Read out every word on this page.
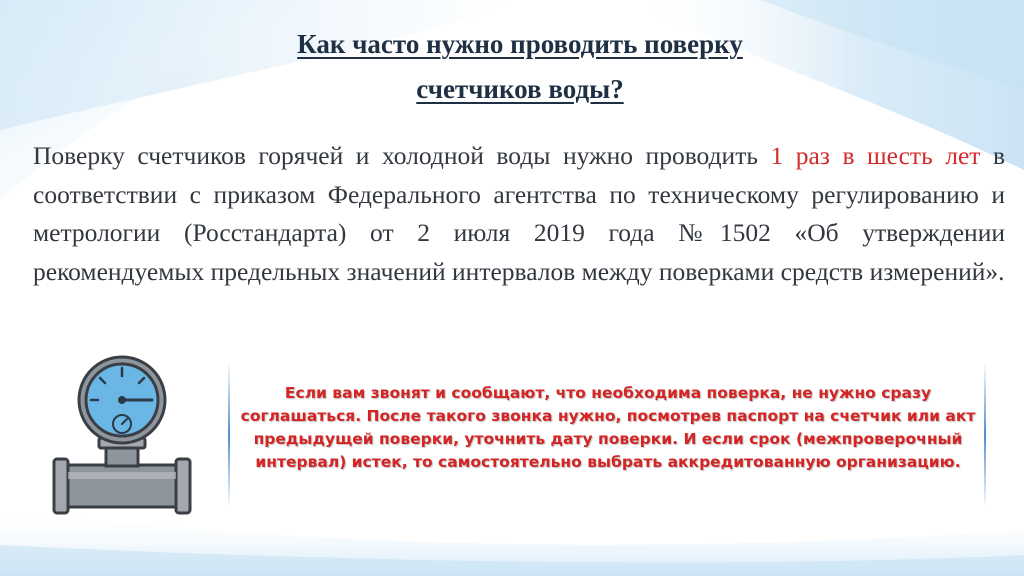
Как часто нужно проводить поверку
счетчиков воды?
Поверку счетчиков горячей и холодной воды нужно проводить 1 раз в шесть лет в соответствии с приказом Федерального агентства по техническому регулированию и метрологии (Росстандарта) от 2 июля 2019 года №1502 «Об утверждении рекомендуемых предельных значений интервалов между поверками средств измерений».
Если вам звонят и сообщают, что необходима поверка, не нужно сразу соглашаться. После такого звонка нужно, посмотрев паспорт на счетчик или акт предыдущей поверки, уточнить дату поверки. И если срок (межпроверочный интервал) истек, то самостоятельно выбрать аккредитованную организацию.
